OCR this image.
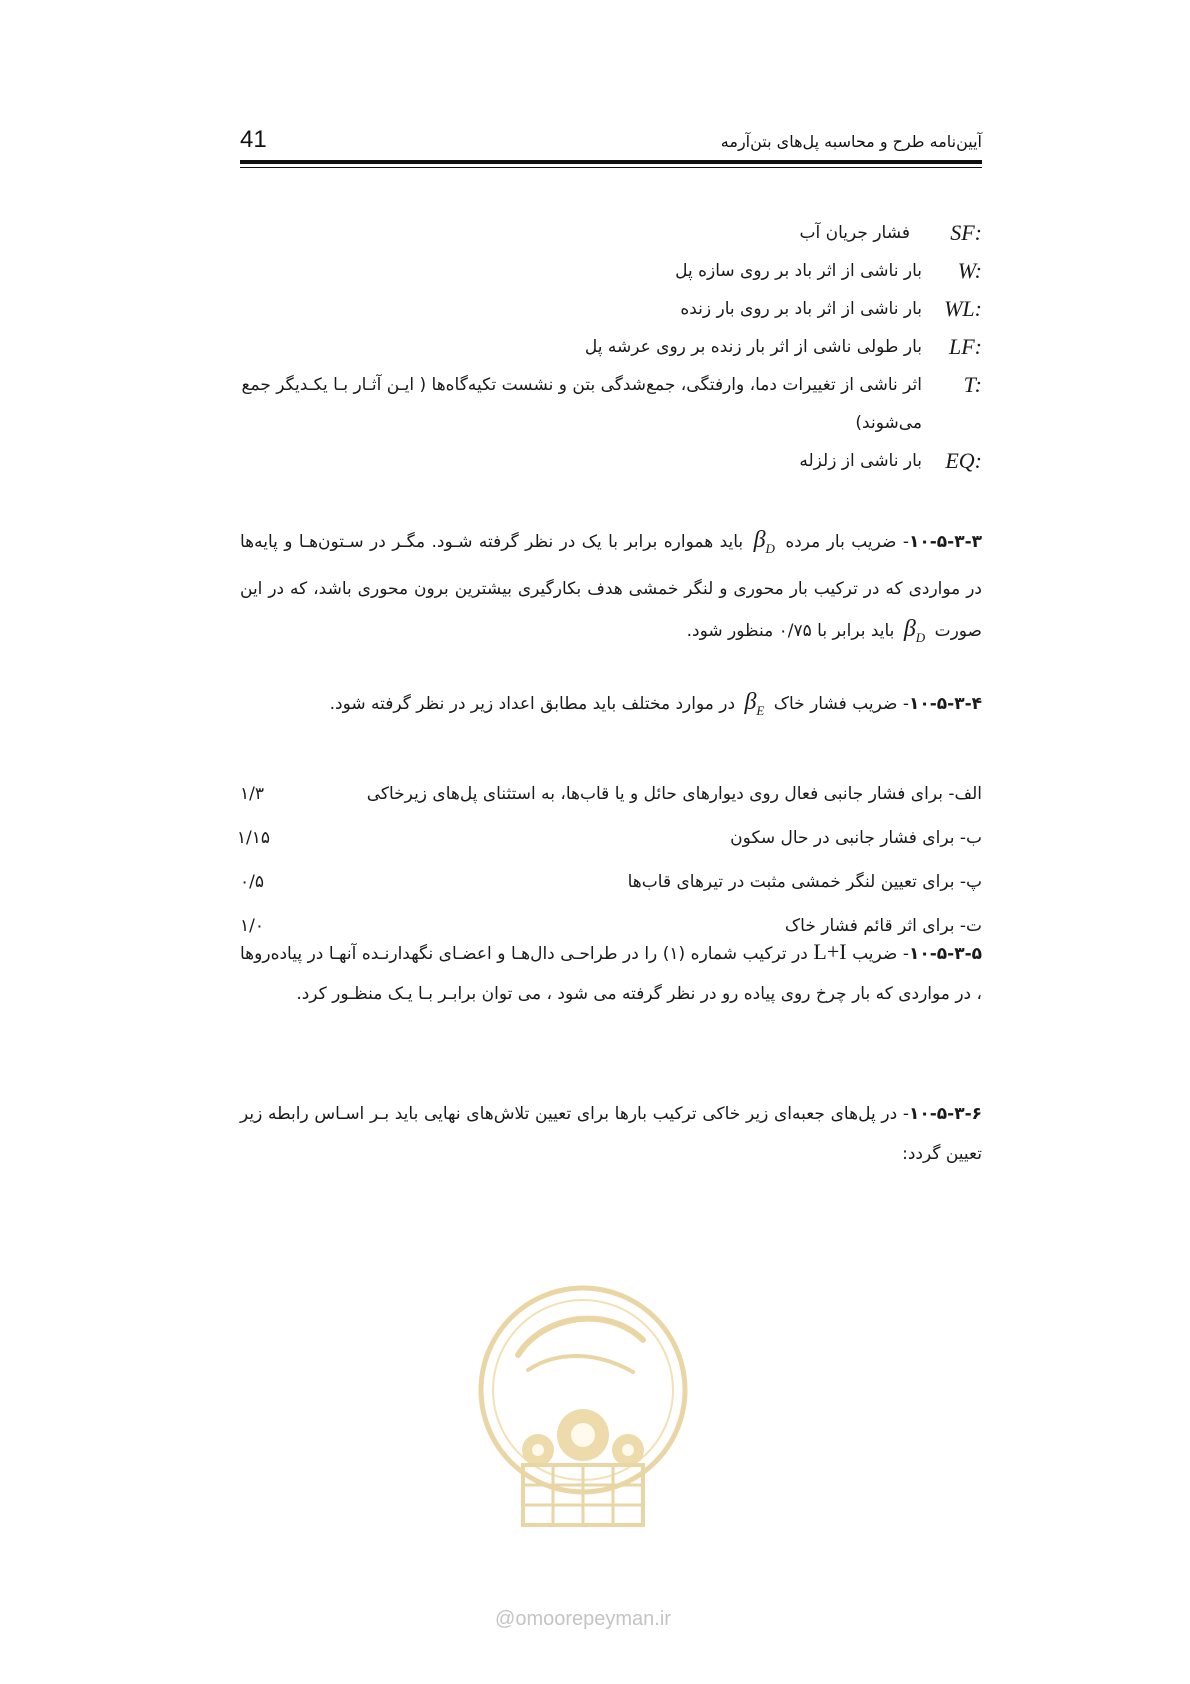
41	آیین‌نامه طرح و محاسبه پل‌های بتن‌آرمه
SF:
فشار جریان آب
W:
بار ناشی از اثر باد بر روی سازه پل
WL:
بار ناشی از اثر باد بر روی بار زنده
LF:
بار طولی ناشی از اثر بار زنده بر روی عرشه پل
T:
اثر ناشی از تغییرات دما، وارفتگی، جمع‌شدگی بتن و نشست تکیه‌گاه‌ها ( ایـن آثـار بـا یکـدیگر جمع می‌شوند)
EQ:
بار ناشی از زلزله
۱۰-۵-۳-۳- ضریب بار مرده $\beta_D$ باید همواره برابر با یک در نظر گرفته شـود. مگـر در سـتون‌هـا و پایه‌ها در مواردی که در ترکیب بار محوری و لنگر خمشی هدف بکارگیری بیشترین برون محوری باشد، که در این صورت $\beta_D$ باید برابر با ۰/۷۵ منظور شود.
۱۰-۵-۳-۴- ضریب فشار خاک $\beta_E$ در موارد مختلف باید مطابق اعداد زیر در نظر گرفته شود.
الف- برای فشار جانبی فعال روی دیوارهای حائل و یا قاب‌ها، به استثنای پل‌های زیرخاکی
۱/۳
ب- برای فشار جانبی در حال سکون
۱/۱۵
پ- برای تعیین لنگر خمشی مثبت در تیرهای قاب‌ها
۰/۵
ت- برای اثر قائم فشار خاک
۱/۰
۱۰-۵-۳-۵- ضریب L+I در ترکیب شماره (۱) را در طراحـی دال‌هـا و اعضـای نگهدارنـده آنهـا در پیاده‌روها ، در مواردی که بار چرخ روی پیاده رو در نظر گرفته می شود ، می توان برابـر بـا یـک منظـور کرد.
۱۰-۵-۳-۶- در پل‌های جعبه‌ای زیر خاکی ترکیب بارها برای تعیین تلاش‌های نهایی باید بـر اسـاس رابطه زیر تعیین گردد:
@omoorepeyman.ir
